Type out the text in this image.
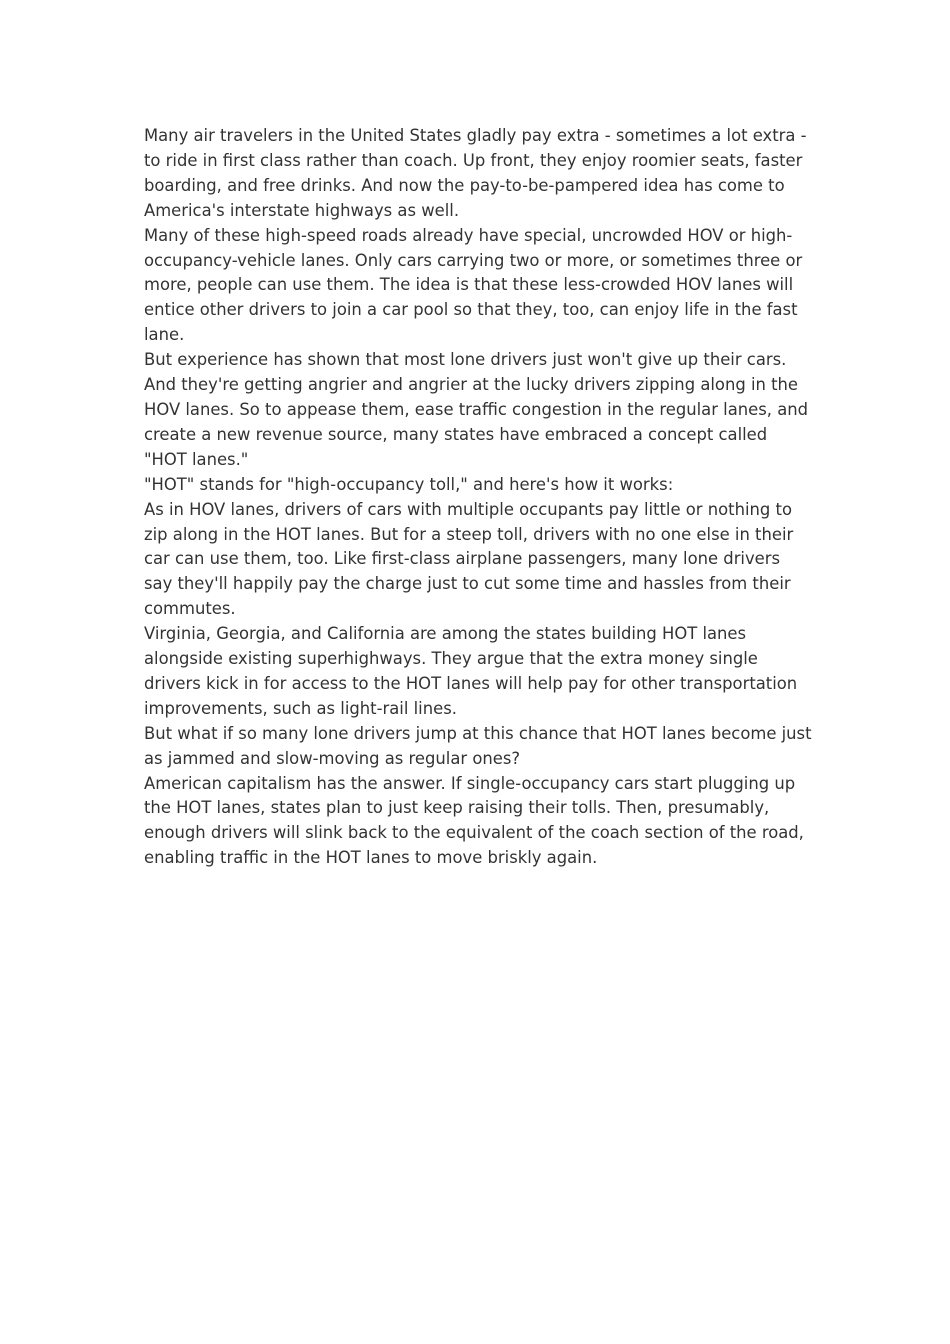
Many air travelers in the United States gladly pay extra - sometimes a lot extra - to ride in first class rather than coach. Up front, they enjoy roomier seats, faster boarding, and free drinks. And now the pay-to-be-pampered idea has come to America's interstate highways as well.

Many of these high-speed roads already have special, uncrowded HOV or high-occupancy-vehicle lanes. Only cars carrying two or more, or sometimes three or more, people can use them. The idea is that these less-crowded HOV lanes will entice other drivers to join a car pool so that they, too, can enjoy life in the fast lane.

But experience has shown that most lone drivers just won't give up their cars. And they're getting angrier and angrier at the lucky drivers zipping along in the HOV lanes. So to appease them, ease traffic congestion in the regular lanes, and create a new revenue source, many states have embraced a concept called "HOT lanes."

"HOT" stands for "high-occupancy toll," and here's how it works:

As in HOV lanes, drivers of cars with multiple occupants pay little or nothing to zip along in the HOT lanes. But for a steep toll, drivers with no one else in their car can use them, too. Like first-class airplane passengers, many lone drivers say they'll happily pay the charge just to cut some time and hassles from their commutes.

Virginia, Georgia, and California are among the states building HOT lanes alongside existing superhighways. They argue that the extra money single drivers kick in for access to the HOT lanes will help pay for other transportation improvements, such as light-rail lines.

But what if so many lone drivers jump at this chance that HOT lanes become just as jammed and slow-moving as regular ones?

American capitalism has the answer. If single-occupancy cars start plugging up the HOT lanes, states plan to just keep raising their tolls. Then, presumably, enough drivers will slink back to the equivalent of the coach section of the road, enabling traffic in the HOT lanes to move briskly again.
